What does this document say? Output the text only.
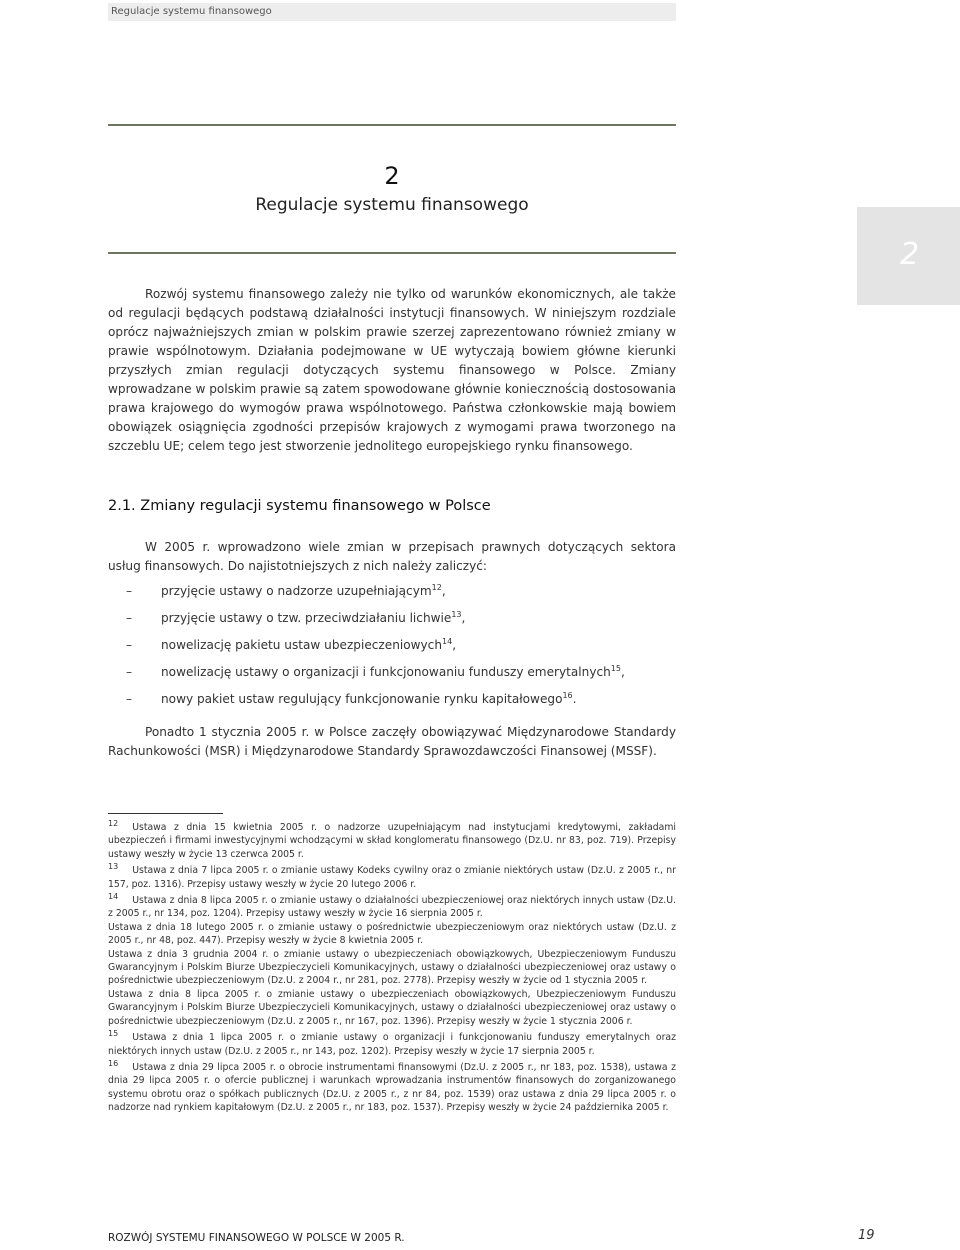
Regulacje systemu finansowego
2
Regulacje systemu finansowego
2

Rozwój systemu finansowego zależy nie tylko od warunków ekonomicznych, ale także od regulacji będących podstawą działalności instytucji finansowych. W niniejszym rozdziale oprócz najważniejszych zmian w polskim prawie szerzej zaprezentowano również zmiany w prawie wspólnotowym. Działania podejmowane w UE wytyczają bowiem główne kierunki przyszłych zmian regulacji dotyczących systemu finansowego w Polsce. Zmiany wprowadzane w polskim prawie są zatem spowodowane głównie koniecznością dostosowania prawa krajowego do wymogów prawa wspólnotowego. Państwa członkowskie mają bowiem obowiązek osiągnięcia zgodności przepisów krajowych z wymogami prawa tworzonego na szczeblu UE; celem tego jest stworzenie jednolitego europejskiego rynku finansowego.

2.1. Zmiany regulacji systemu finansowego w Polsce

W 2005 r. wprowadzono wiele zmian w przepisach prawnych dotyczących sektora usług finansowych. Do najistotniejszych z nich należy zaliczyć:

– przyjęcie ustawy o nadzorze uzupełniającym$^{12}$,
– przyjęcie ustawy o tzw. przeciwdziałaniu lichwie$^{13}$,
– nowelizację pakietu ustaw ubezpieczeniowych$^{14}$,
– nowelizację ustawy o organizacji i funkcjonowaniu funduszy emerytalnych$^{15}$,
– nowy pakiet ustaw regulujący funkcjonowanie rynku kapitałowego$^{16}$.

Ponadto 1 stycznia 2005 r. w Polsce zaczęły obowiązywać Międzynarodowe Standardy Rachunkowości (MSR) i Międzynarodowe Standardy Sprawozdawczości Finansowej (MSSF).

12 Ustawa z dnia 15 kwietnia 2005 r. o nadzorze uzupełniającym nad instytucjami kredytowymi, zakładami ubezpieczeń i firmami inwestycyjnymi wchodzącymi w skład konglomeratu finansowego (Dz.U. nr 83, poz. 719). Przepisy ustawy weszły w życie 13 czerwca 2005 r.

13 Ustawa z dnia 7 lipca 2005 r. o zmianie ustawy Kodeks cywilny oraz o zmianie niektórych ustaw (Dz.U. z 2005 r., nr 157, poz. 1316). Przepisy ustawy weszły w życie 20 lutego 2006 r.

14 Ustawa z dnia 8 lipca 2005 r. o zmianie ustawy o działalności ubezpieczeniowej oraz niektórych innych ustaw (Dz.U. z 2005 r., nr 134, poz. 1204). Przepisy ustawy weszły w życie 16 sierpnia 2005 r.

Ustawa z dnia 18 lutego 2005 r. o zmianie ustawy o pośrednictwie ubezpieczeniowym oraz niektórych ustaw (Dz.U. z 2005 r., nr 48, poz. 447). Przepisy weszły w życie 8 kwietnia 2005 r.

Ustawa z dnia 3 grudnia 2004 r. o zmianie ustawy o ubezpieczeniach obowiązkowych, Ubezpieczeniowym Funduszu Gwarancyjnym i Polskim Biurze Ubezpieczycieli Komunikacyjnych, ustawy o działalności ubezpieczeniowej oraz ustawy o pośrednictwie ubezpieczeniowym (Dz.U. z 2004 r., nr 281, poz. 2778). Przepisy weszły w życie od 1 stycznia 2005 r.

Ustawa z dnia 8 lipca 2005 r. o zmianie ustawy o ubezpieczeniach obowiązkowych, Ubezpieczeniowym Funduszu Gwarancyjnym i Polskim Biurze Ubezpieczycieli Komunikacyjnych, ustawy o działalności ubezpieczeniowej oraz ustawy o pośrednictwie ubezpieczeniowym (Dz.U. z 2005 r., nr 167, poz. 1396). Przepisy weszły w życie 1 stycznia 2006 r.

15 Ustawa z dnia 1 lipca 2005 r. o zmianie ustawy o organizacji i funkcjonowaniu funduszy emerytalnych oraz niektórych innych ustaw (Dz.U. z 2005 r., nr 143, poz. 1202). Przepisy weszły w życie 17 sierpnia 2005 r.

16 Ustawa z dnia 29 lipca 2005 r. o obrocie instrumentami finansowymi (Dz.U. z 2005 r., nr 183, poz. 1538), ustawa z dnia 29 lipca 2005 r. o ofercie publicznej i warunkach wprowadzania instrumentów finansowych do zorganizowanego systemu obrotu oraz o spółkach publicznych (Dz.U. z 2005 r., z nr 84, poz. 1539) oraz ustawa z dnia 29 lipca 2005 r. o nadzorze nad rynkiem kapitałowym (Dz.U. z 2005 r., nr 183, poz. 1537). Przepisy weszły w życie 24 października 2005 r.

ROZWÓJ SYSTEMU FINANSOWEGO W POLSCE W 2005 R.	19
